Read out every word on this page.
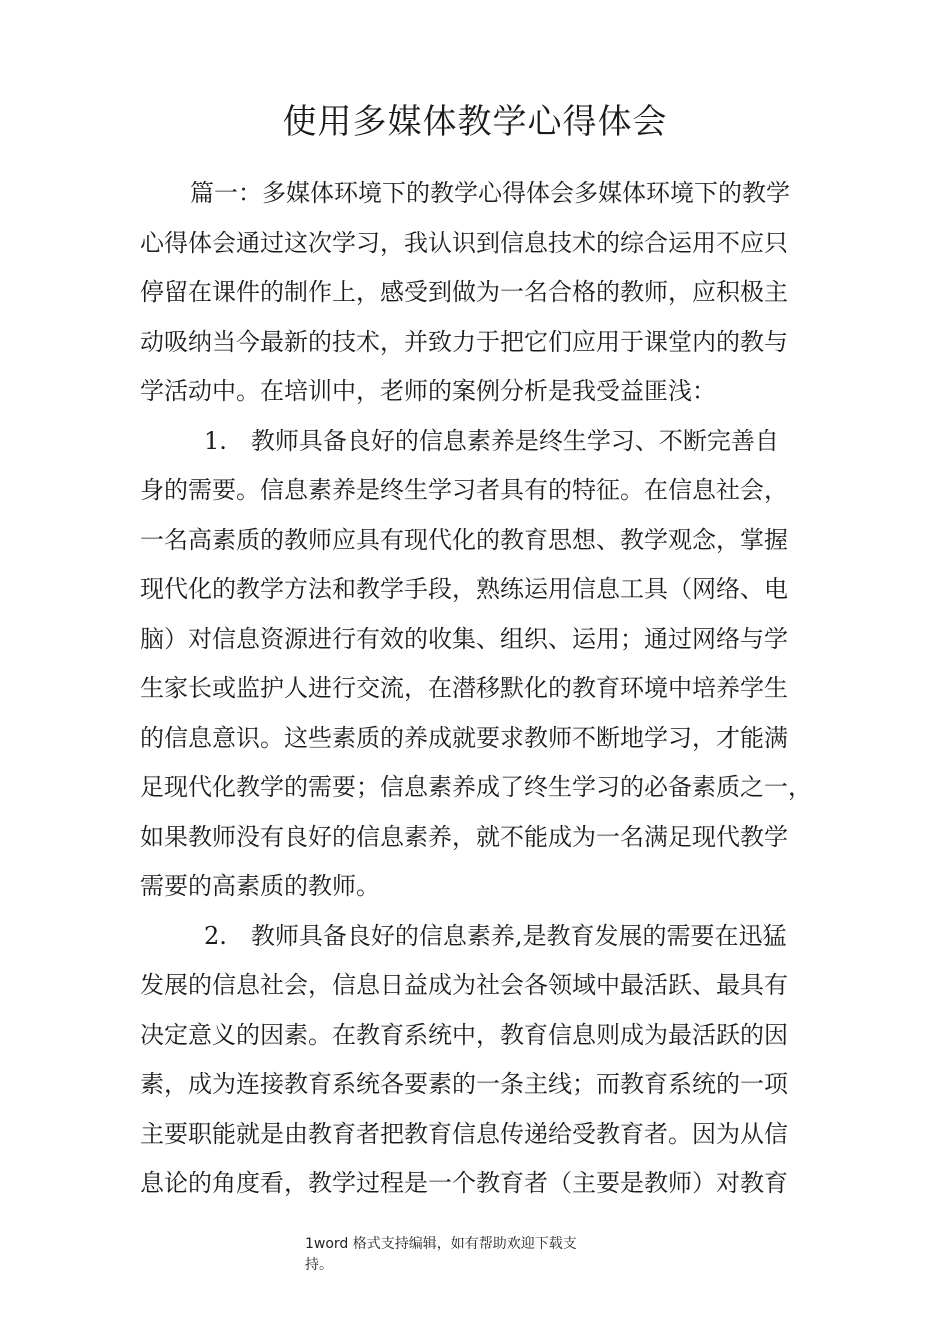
使用多媒体教学心得体会
篇一：多媒体环境下的教学心得体会多媒体环境下的教学
心得体会通过这次学习，我认识到信息技术的综合运用不应只
停留在课件的制作上，感受到做为一名合格的教师，应积极主
动吸纳当今最新的技术，并致力于把它们应用于课堂内的教与
学活动中。在培训中，老师的案例分析是我受益匪浅：
1.　教师具备良好的信息素养是终生学习、不断完善自
身的需要。信息素养是终生学习者具有的特征。在信息社会，
一名高素质的教师应具有现代化的教育思想、教学观念，掌握
现代化的教学方法和教学手段，熟练运用信息工具（网络、电
脑）对信息资源进行有效的收集、组织、运用；通过网络与学
生家长或监护人进行交流，在潜移默化的教育环境中培养学生
的信息意识。这些素质的养成就要求教师不断地学习，才能满
足现代化教学的需要；信息素养成了终生学习的必备素质之一，
如果教师没有良好的信息素养，就不能成为一名满足现代教学
需要的高素质的教师。
2.　教师具备良好的信息素养,是教育发展的需要在迅猛
发展的信息社会，信息日益成为社会各领域中最活跃、最具有
决定意义的因素。在教育系统中，教育信息则成为最活跃的因
素，成为连接教育系统各要素的一条主线；而教育系统的一项
主要职能就是由教育者把教育信息传递给受教育者。因为从信
息论的角度看，教学过程是一个教育者（主要是教师）对教育
1word 格式支持编辑，如有帮助欢迎下载支
持。
